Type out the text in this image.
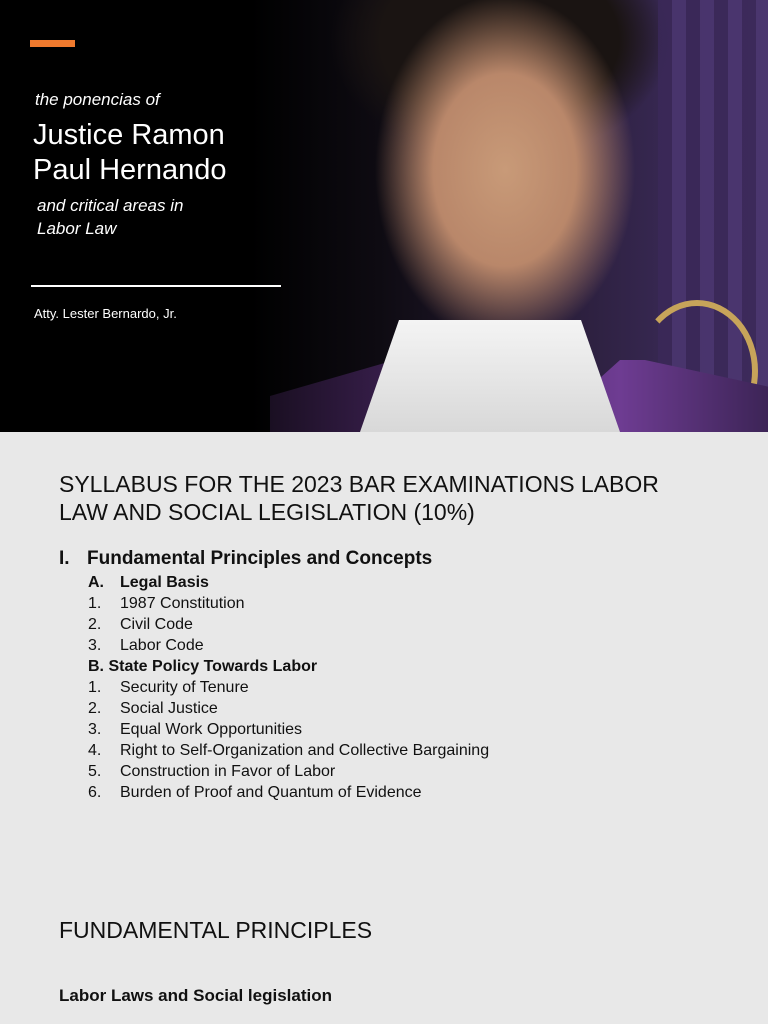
the ponencias of
Justice Ramon
Paul Hernando
and critical areas in
Labor Law
Atty. Lester Bernardo, Jr.
SYLLABUS FOR THE 2023 BAR EXAMINATIONS LABOR
LAW AND SOCIAL LEGISLATION (10%)
I. Fundamental Principles and Concepts
A. Legal Basis
1. 1987 Constitution
2. Civil Code
3. Labor Code
B. State Policy Towards Labor
1. Security of Tenure
2. Social Justice
3. Equal Work Opportunities
4. Right to Self-Organization and Collective Bargaining
5. Construction in Favor of Labor
6. Burden of Proof and Quantum of Evidence
FUNDAMENTAL PRINCIPLES
Labor Laws and Social legislation
